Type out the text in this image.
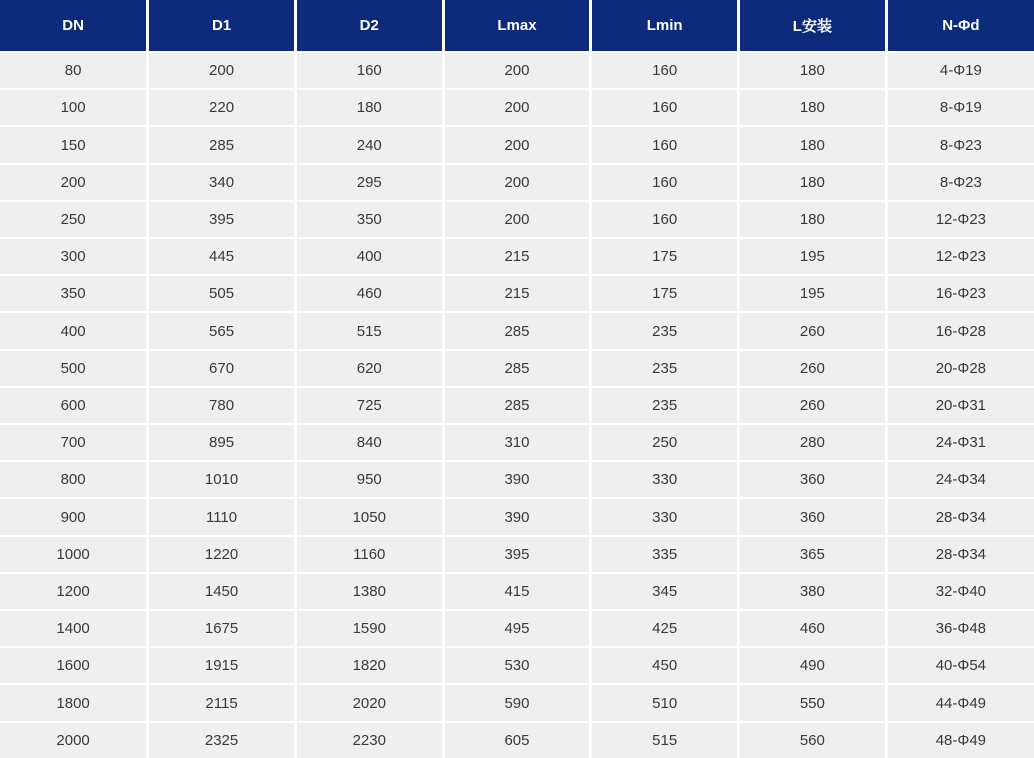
DN	D1	D2	Lmax	Lmin	L安装	N-Φd
80	200	160	200	160	180	4-Φ19
100	220	180	200	160	180	8-Φ19
150	285	240	200	160	180	8-Φ23
200	340	295	200	160	180	8-Φ23
250	395	350	200	160	180	12-Φ23
300	445	400	215	175	195	12-Φ23
350	505	460	215	175	195	16-Φ23
400	565	515	285	235	260	16-Φ28
500	670	620	285	235	260	20-Φ28
600	780	725	285	235	260	20-Φ31
700	895	840	310	250	280	24-Φ31
800	1010	950	390	330	360	24-Φ34
900	1110	1050	390	330	360	28-Φ34
1000	1220	1160	395	335	365	28-Φ34
1200	1450	1380	415	345	380	32-Φ40
1400	1675	1590	495	425	460	36-Φ48
1600	1915	1820	530	450	490	40-Φ54
1800	2115	2020	590	510	550	44-Φ49
2000	2325	2230	605	515	560	48-Φ49
